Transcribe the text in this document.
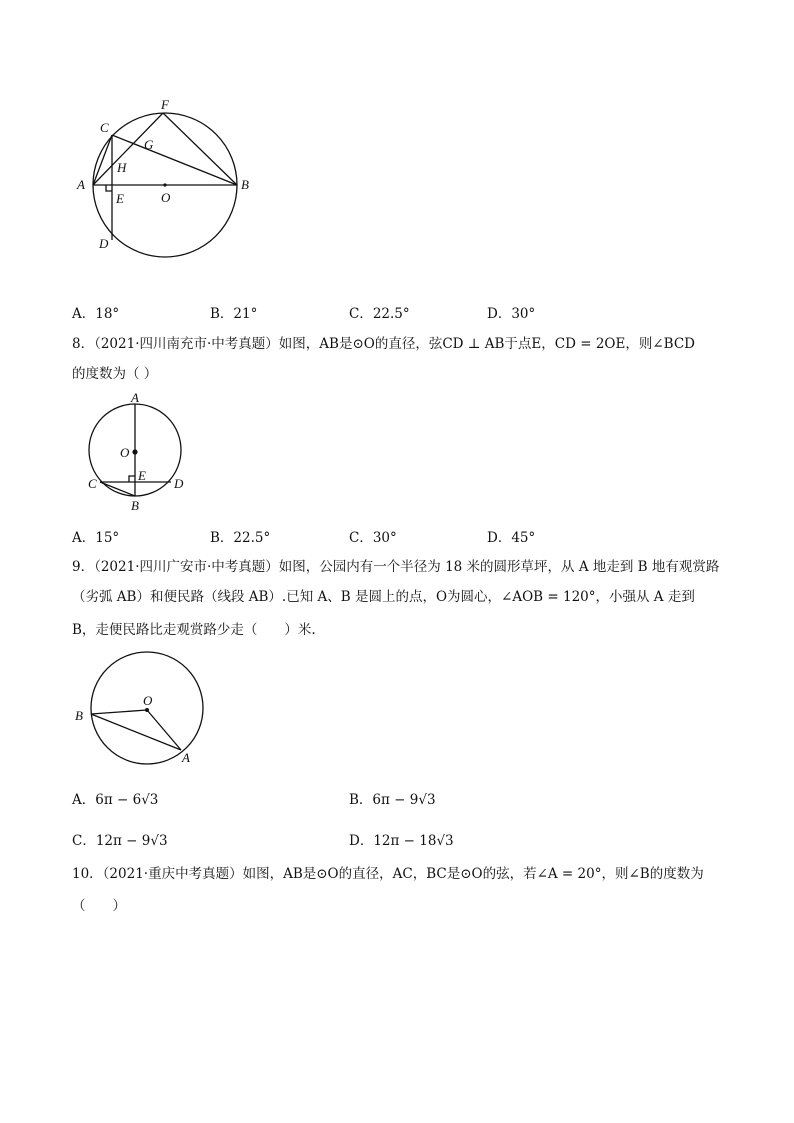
F
C
G
H
A
E	O
B
D
A．18°	B．21°	C．22.5°	D．30°
8．（2021·四川南充市·中考真题）如图，AB是⊙O的直径，弦CD ⊥ AB于点E，CD = 2OE，则∠BCD
的度数为（ ）
A
O
E
C	D
B
A．15°	B．22.5°	C．30°	D．45°
9．（2021·四川广安市·中考真题）如图，公园内有一个半径为 18 米的圆形草坪，从 A 地走到 B 地有观赏路
（劣弧 AB）和便民路（线段 AB）.已知 A、B 是圆上的点，O为圆心，∠AOB = 120°，小强从 A 走到
B，走便民路比走观赏路少走（　　）米.
O
B
A
A．6π − 6√3	B．6π − 9√3
C．12π − 9√3	D．12π − 18√3
10．（2021·重庆中考真题）如图，AB是⊙O的直径，AC，BC是⊙O的弦，若∠A = 20°，则∠B的度数为
（　　）
